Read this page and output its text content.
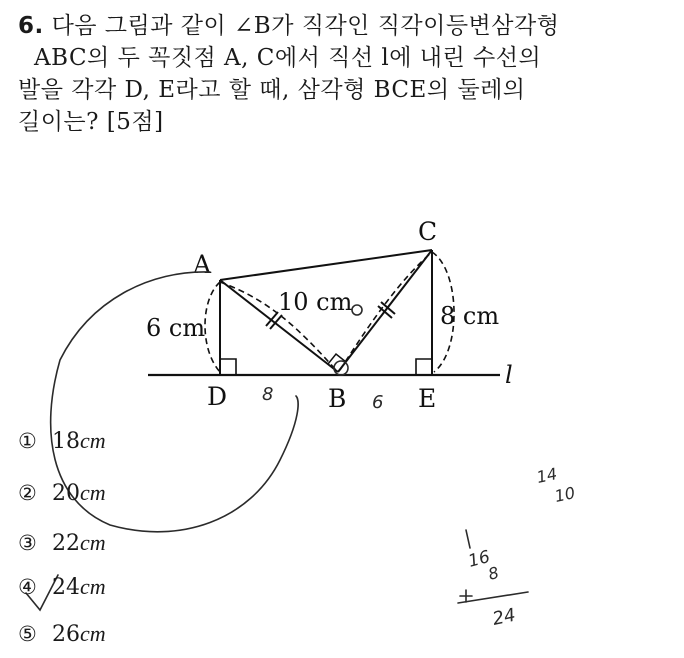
6. 다음 그림과 같이 ∠B가 직각인 직각이등변삼각형
ABC의 두 꼭짓점 A, C에서 직선 l에 내린 수선의
발을 각각 D, E라고 할 때, 삼각형 BCE의 둘레의
길이는? [5점]
A
C
D	B	E
l
6 cm
10 cm	8 cm
8	6
14
10
16
8
24
① 18cm
② 20cm
③ 22cm
④ 24cm
⑤ 26cm
